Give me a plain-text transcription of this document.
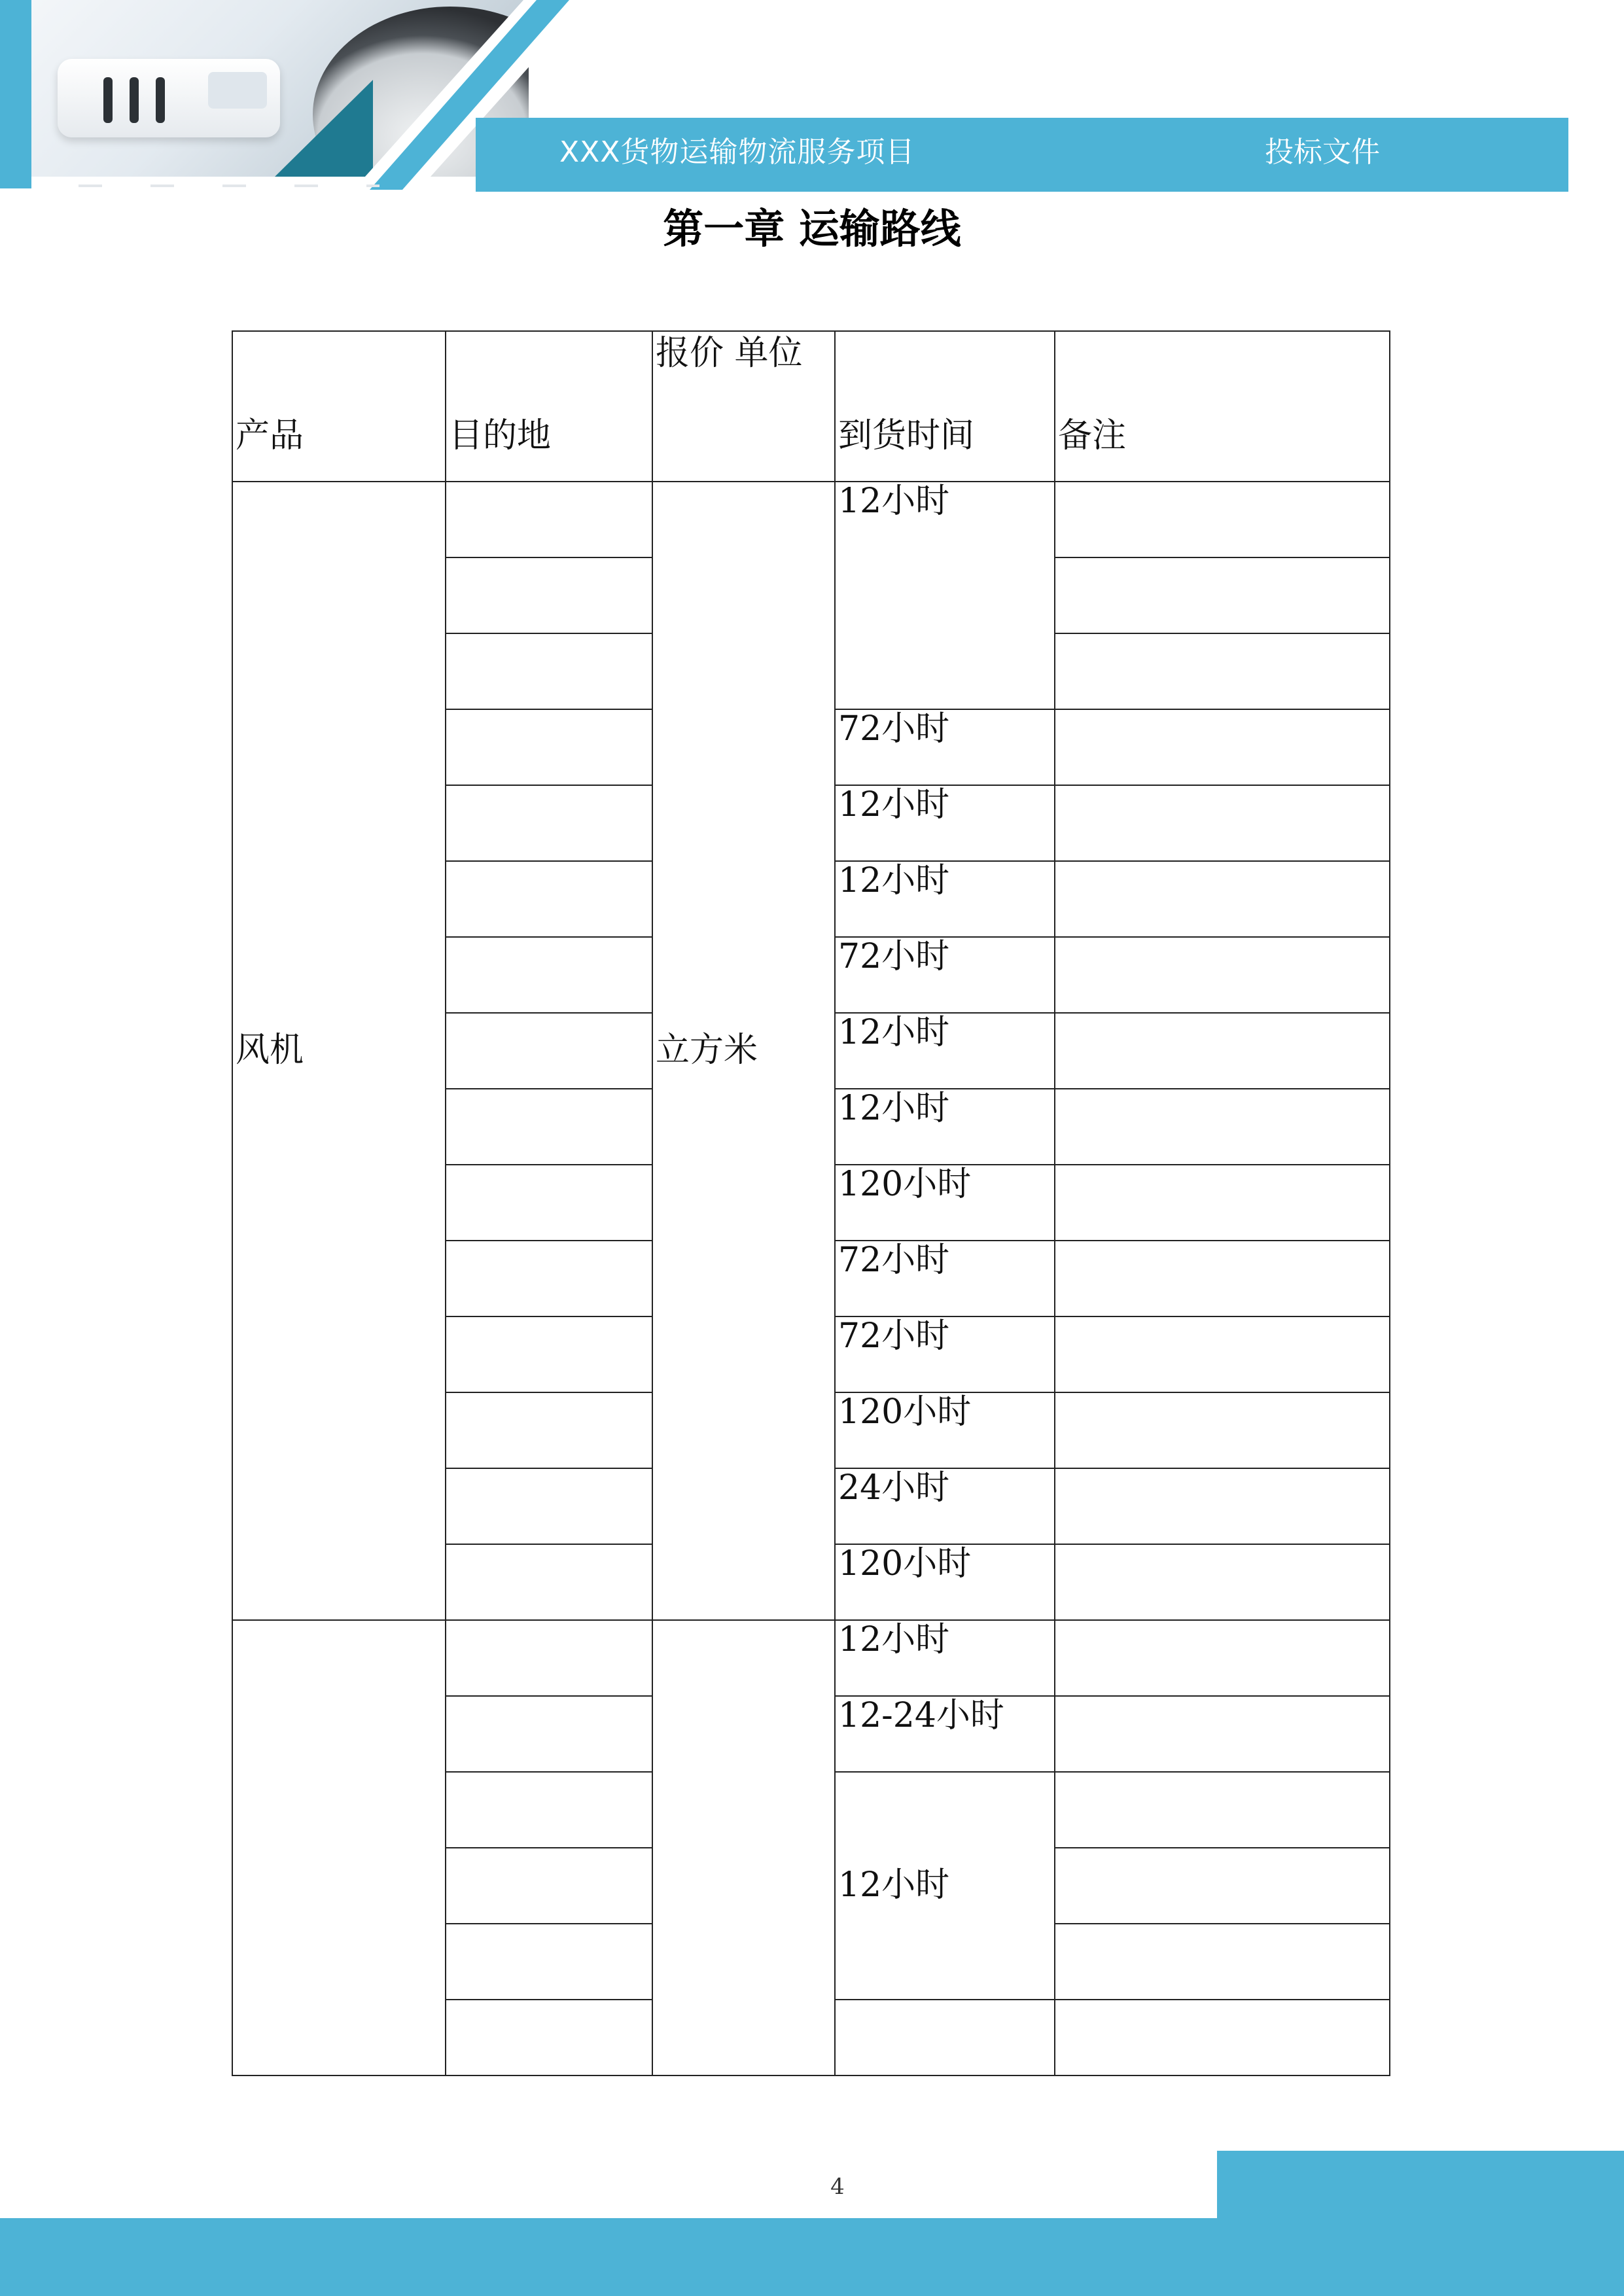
XXX货物运输物流服务项目	投标文件
第一章 运输路线
产品	目的地	报价 单位	到货时间	备注
风机		立方米	12小时	

			72小时	
			12小时	
			12小时	
			72小时	
			12小时	
			12小时	
			120小时	
			72小时	
			72小时	
			120小时	
			24小时	
			120小时	
			12小时	
			12-24小时	
			12小时	

4
